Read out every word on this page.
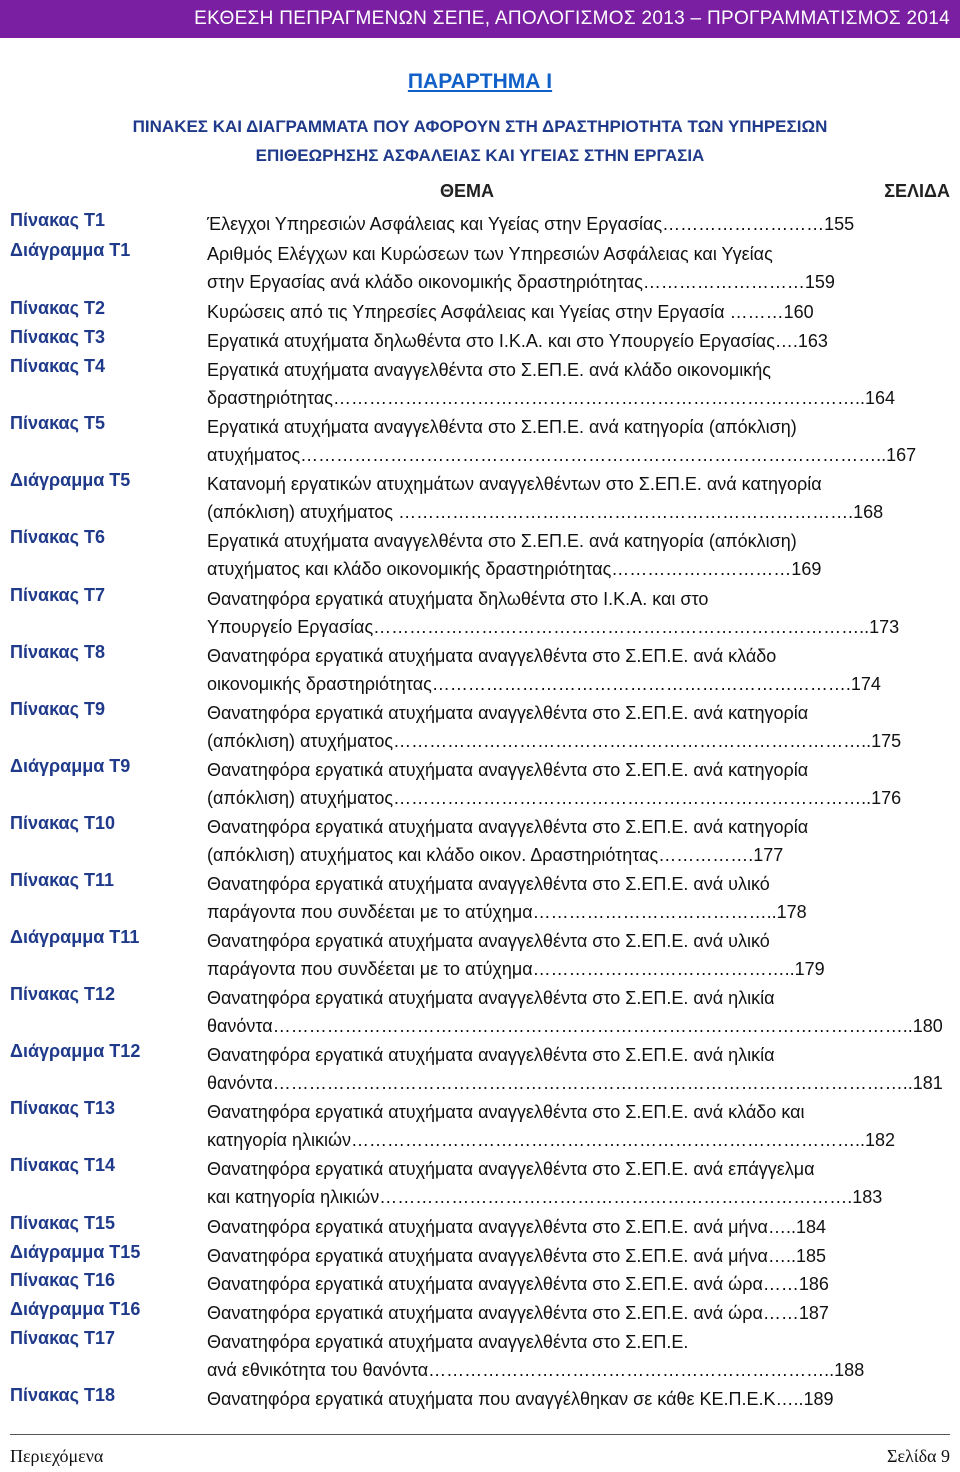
ΕΚΘΕΣΗ ΠΕΠΡΑΓΜΕΝΩΝ ΣΕΠΕ, ΑΠΟΛΟΓΙΣΜΟΣ 2013 – ΠΡΟΓΡΑΜΜΑΤΙΣΜΟΣ 2014
ΠΑΡΑΡΤΗΜΑ Ι
ΠΙΝΑΚΕΣ ΚΑΙ ΔΙΑΓΡΑΜΜΑΤΑ ΠΟΥ ΑΦΟΡΟΥΝ ΣΤΗ ΔΡΑΣΤΗΡΙΟΤΗΤΑ ΤΩΝ ΥΠΗΡΕΣΙΩΝ
ΕΠΙΘΕΩΡΗΣΗΣ ΑΣΦΑΛΕΙΑΣ ΚΑΙ ΥΓΕΙΑΣ ΣΤΗΝ ΕΡΓΑΣΙΑ
ΘΕΜΑ	ΣΕΛΙΔΑ
Πίνακας Τ1	Έλεγχοι Υπηρεσιών Ασφάλειας και Υγείας στην Εργασίας………………………155
Διάγραμμα Τ1	Αριθμός Ελέγχων και Κυρώσεων των Υπηρεσιών Ασφάλειας και Υγείας
στην Εργασίας ανά κλάδο οικονομικής δραστηριότητας………………………159
Πίνακας Τ2	Κυρώσεις από τις Υπηρεσίες Ασφάλειας και Υγείας στην Εργασία ………160
Πίνακας Τ3	Εργατικά ατυχήματα δηλωθέντα στο Ι.Κ.Α. και στο Υπουργείο Εργασίας….163
Πίνακας Τ4	Εργατικά ατυχήματα αναγγελθέντα στο Σ.ΕΠ.Ε. ανά κλάδο οικονομικής
δραστηριότητας……………………………………………………………………………..164
Πίνακας Τ5	Εργατικά ατυχήματα αναγγελθέντα στο Σ.ΕΠ.Ε. ανά κατηγορία (απόκλιση)
ατυχήματος……………………………………………………………………………………..167
Διάγραμμα Τ5	Κατανομή εργατικών ατυχημάτων αναγγελθέντων στο Σ.ΕΠ.Ε. ανά κατηγορία
(απόκλιση) ατυχήματος ………………………………………………………………….168
Πίνακας Τ6	Εργατικά ατυχήματα αναγγελθέντα στο Σ.ΕΠ.Ε. ανά κατηγορία (απόκλιση)
ατυχήματος και κλάδο οικονομικής δραστηριότητας…………………………169
Πίνακας Τ7	Θανατηφόρα εργατικά ατυχήματα δηλωθέντα στο Ι.Κ.Α. και στο
Υπουργείο Εργασίας………………………………………………………………………..173
Πίνακας Τ8	Θανατηφόρα εργατικά ατυχήματα αναγγελθέντα στο Σ.ΕΠ.Ε. ανά κλάδο
οικονομικής δραστηριότητας…………………………………………………………….174
Πίνακας Τ9	Θανατηφόρα εργατικά ατυχήματα αναγγελθέντα στο Σ.ΕΠ.Ε. ανά κατηγορία
(απόκλιση) ατυχήματος……………………………………………………………………..175
Διάγραμμα Τ9	Θανατηφόρα εργατικά ατυχήματα αναγγελθέντα στο Σ.ΕΠ.Ε. ανά κατηγορία
(απόκλιση) ατυχήματος……………………………………………………………………..176
Πίνακας Τ10	Θανατηφόρα εργατικά ατυχήματα αναγγελθέντα στο Σ.ΕΠ.Ε. ανά κατηγορία
(απόκλιση) ατυχήματος και κλάδο οικον. Δραστηριότητας…………….177
Πίνακας Τ11	Θανατηφόρα εργατικά ατυχήματα αναγγελθέντα στο Σ.ΕΠ.Ε. ανά υλικό
παράγοντα που συνδέεται με το ατύχημα…………………………………..178
Διάγραμμα Τ11	Θανατηφόρα εργατικά ατυχήματα αναγγελθέντα στο Σ.ΕΠ.Ε. ανά υλικό
παράγοντα που συνδέεται με το ατύχημα……………………………………..179
Πίνακας Τ12	Θανατηφόρα εργατικά ατυχήματα αναγγελθέντα στο Σ.ΕΠ.Ε. ανά ηλικία
θανόντα……………………………………………………………………………………………..180
Διάγραμμα Τ12	Θανατηφόρα εργατικά ατυχήματα αναγγελθέντα στο Σ.ΕΠ.Ε. ανά ηλικία
θανόντα……………………………………………………………………………………………..181
Πίνακας Τ13	Θανατηφόρα εργατικά ατυχήματα αναγγελθέντα στο Σ.ΕΠ.Ε. ανά κλάδο και
κατηγορία ηλικιών…………………………………………………………………………..182
Πίνακας Τ14	Θανατηφόρα εργατικά ατυχήματα αναγγελθέντα στο Σ.ΕΠ.Ε. ανά επάγγελμα
και κατηγορία ηλικιών…………………………………………………………………….183
Πίνακας Τ15	Θανατηφόρα εργατικά ατυχήματα αναγγελθέντα στο Σ.ΕΠ.Ε. ανά μήνα…..184
Διάγραμμα Τ15	Θανατηφόρα εργατικά ατυχήματα αναγγελθέντα στο Σ.ΕΠ.Ε. ανά μήνα…..185
Πίνακας Τ16	Θανατηφόρα εργατικά ατυχήματα αναγγελθέντα στο Σ.ΕΠ.Ε. ανά ώρα……186
Διάγραμμα Τ16	Θανατηφόρα εργατικά ατυχήματα αναγγελθέντα στο Σ.ΕΠ.Ε. ανά ώρα……187
Πίνακας Τ17	Θανατηφόρα εργατικά ατυχήματα αναγγελθέντα στο Σ.ΕΠ.Ε.
ανά εθνικότητα του θανόντα…………………………………………………………..188
Πίνακας Τ18	Θανατηφόρα εργατικά ατυχήματα που αναγγέλθηκαν σε κάθε ΚΕ.Π.Ε.Κ…..189
Περιεχόμενα	Σελίδα 9
